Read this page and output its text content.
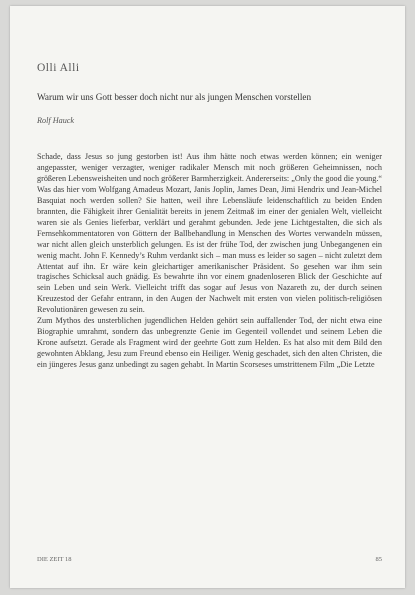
Olli Alli
Warum wir uns Gott besser doch nicht nur als jungen Menschen vorstellen
Rolf Hauck

Schade, dass Jesus so jung gestorben ist! Aus ihm hätte noch etwas werden können; ein weniger angepasster, weniger verzagter, weniger radikaler Mensch mit noch größeren Geheimnissen, noch größeren Lebensweisheiten und noch größerer Barmherzigkeit. Andererseits: „Only the good die young.“ Was das hier vom Wolfgang Amadeus Mozart, Janis Joplin, James Dean, Jimi Hendrix und Jean-Michel Basquiat noch werden sollen? Sie hatten, weil ihre Lebensläufe leidenschaftlich zu beiden Enden brannten, die Fähigkeit ihrer Genialität bereits in jenem Zeitmaß im einer der genialen Welt, vielleicht waren sie als Genies lieferbar, verklärt und gerahmt gebunden. Jede jene Lichtgestalten, die sich als Fernsehkommentatoren von Göttern der Ballbehandlung in Menschen des Wortes verwandeln müssen, war nicht allen gleich unsterblich gelungen. Es ist der frühe Tod, der zwischen jung Unbegangenen ein wenig macht. John F. Kennedy’s Ruhm verdankt sich – man muss es leider so sagen – nicht zuletzt dem Attentat auf ihn. Er wäre kein gleichartiger amerikanischer Präsident. So gesehen war ihm sein tragisches Schicksal auch gnädig. Es bewahrte ihn vor einem gnadenloseren Blick der Geschichte auf sein Leben und sein Werk. Vielleicht trifft das sogar auf Jesus von Nazareth zu, der durch seinen Kreuzestod der Gefahr entrann, in den Augen der Nachwelt mit ersten von vielen politisch-religiösen Revolutionären gewesen zu sein.

Zum Mythos des unsterblichen jugendlichen Helden gehört sein auffallender Tod, der nicht etwa eine Biographie umrahmt, sondern das unbegrenzte Genie im Gegenteil vollendet und seinem Leben die Krone aufsetzt. Gerade als Fragment wird der geehrte Gott zum Helden. Es hat also mit dem Bild den gewohnten Abklang, Jesu zum Freund ebenso ein Heiliger. Wenig geschadet, sich den alten Christen, die ein jüngeres Jesus ganz unbedingt zu sagen gehabt. In Martin Scorseses umstrittenem Film „Die Letzte

DIE ZEIT 18	85
